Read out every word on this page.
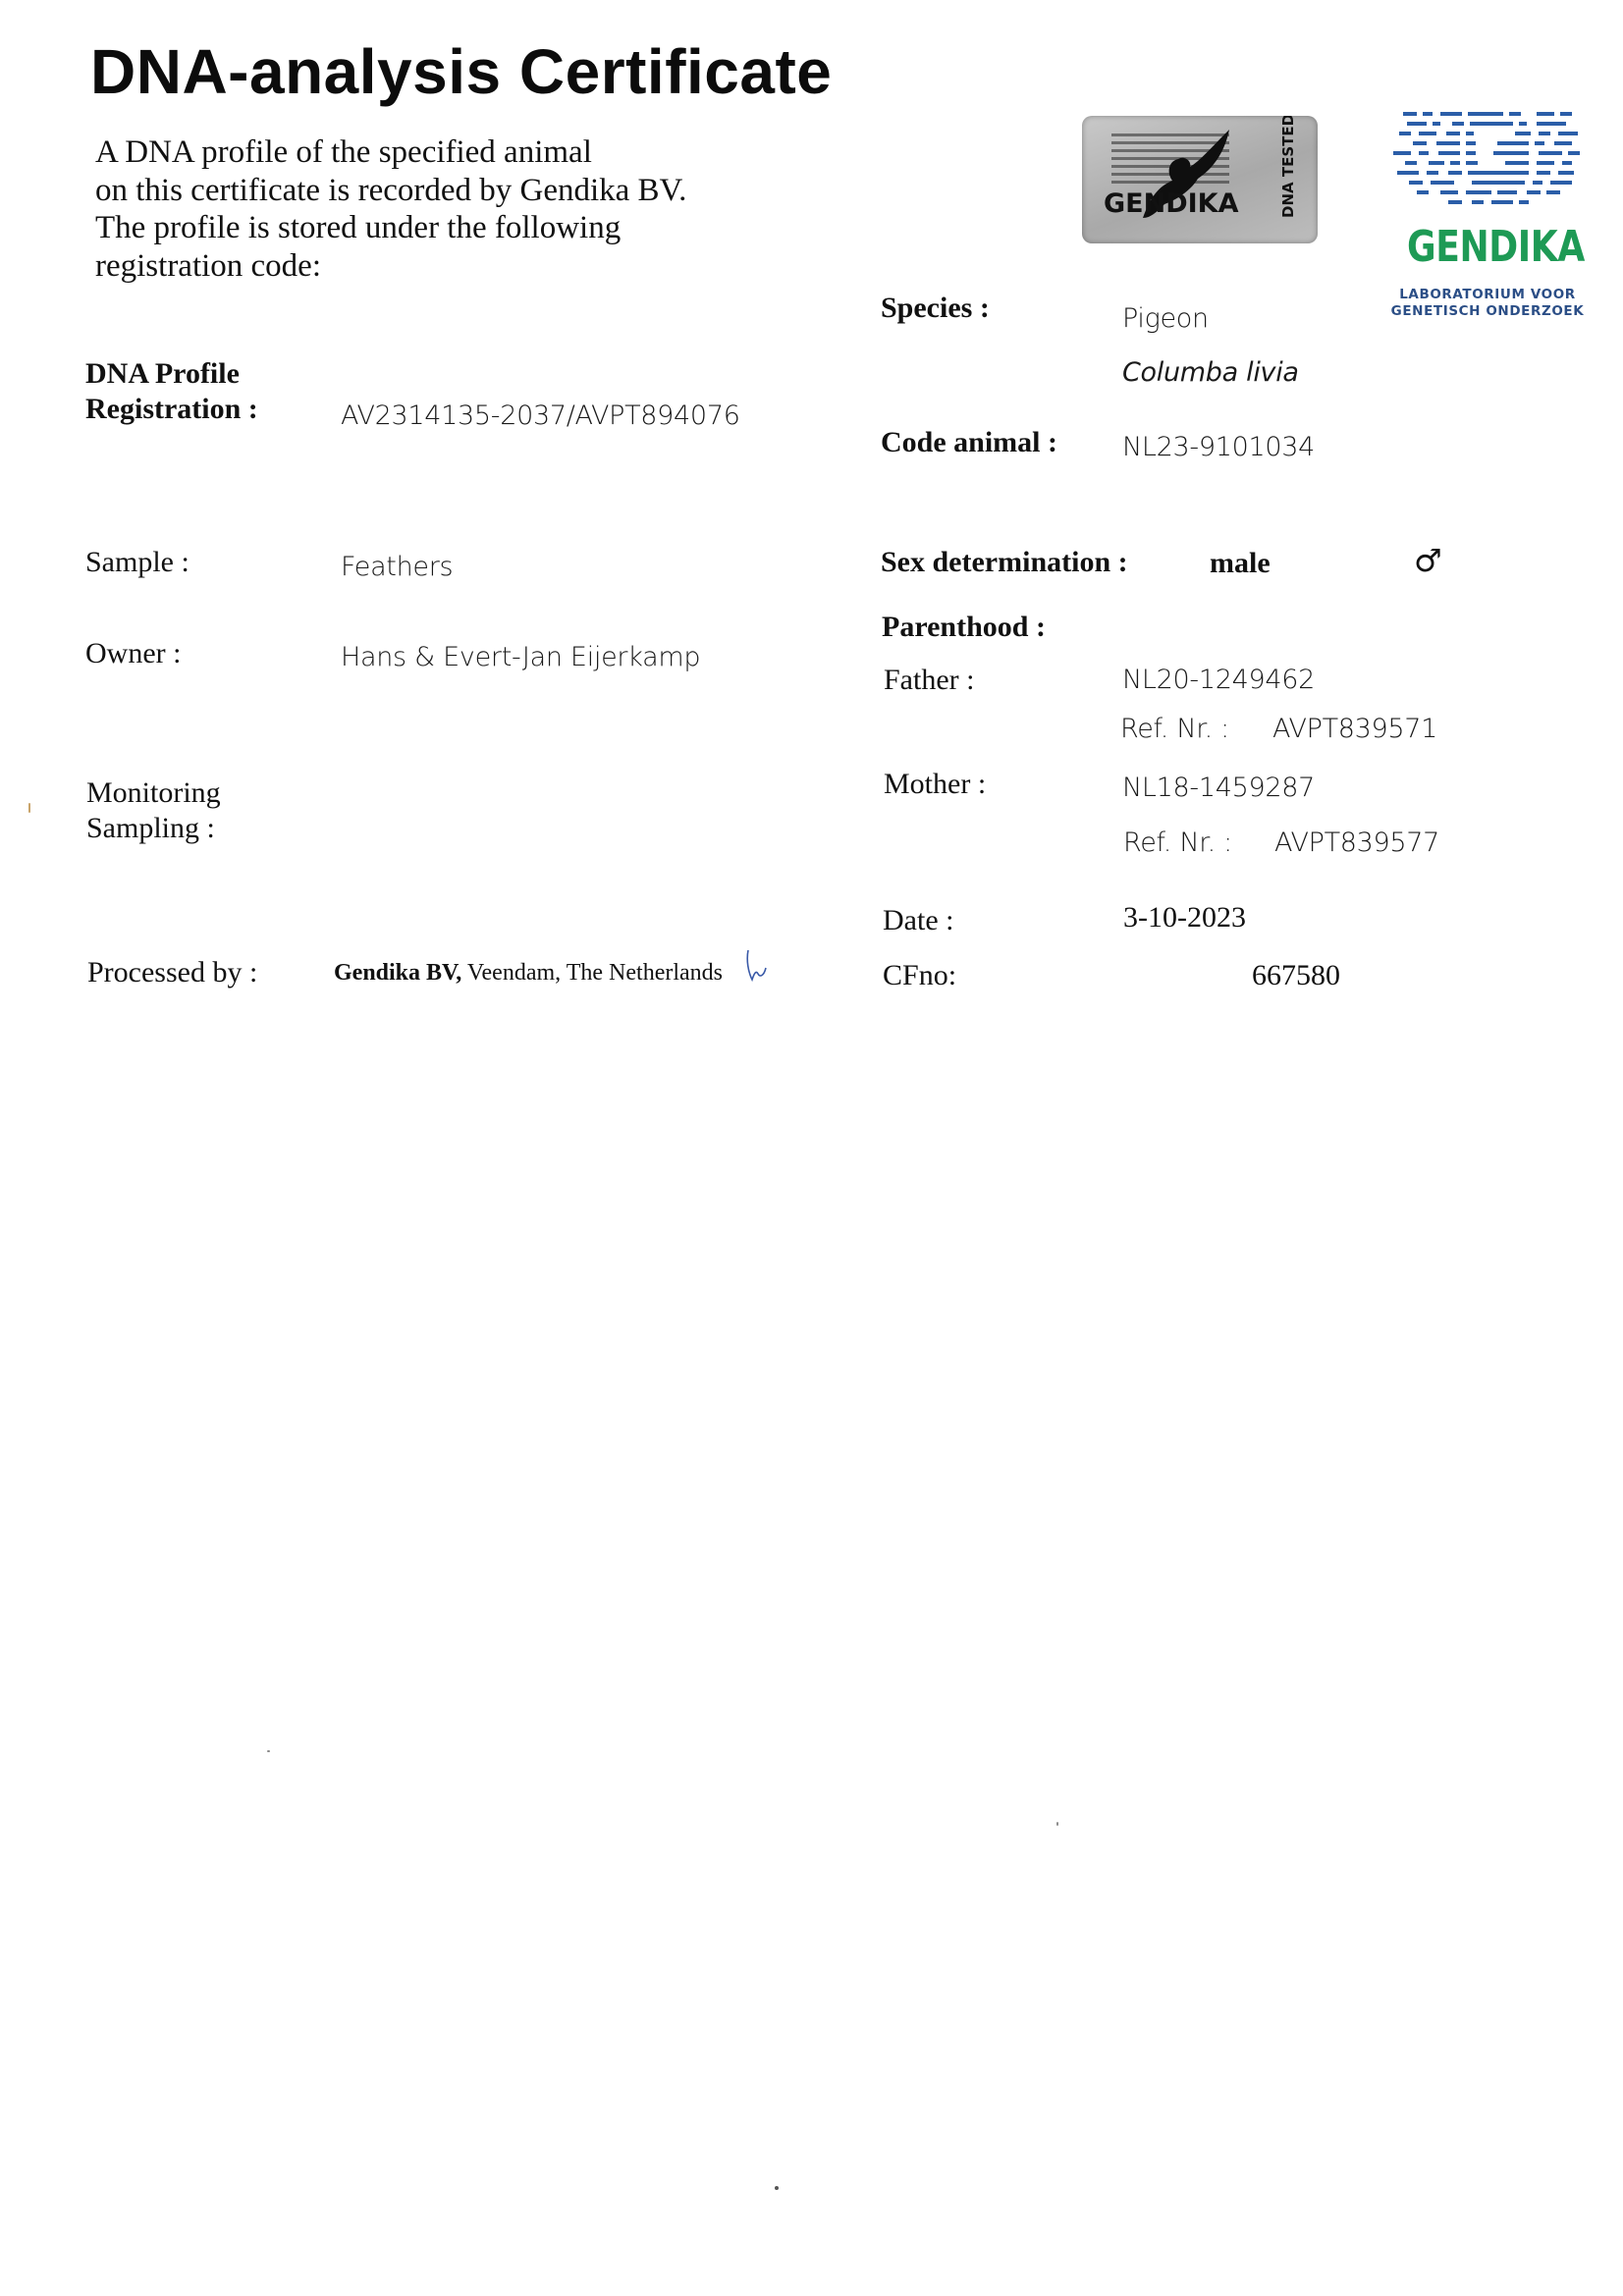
DNA-analysis Certificate
A DNA profile of the specified animal
on this certificate is recorded by Gendika BV.
The profile is stored under the following
registration code:
GENDIKA	DNA TESTED
GENDIKA
LABORATORIUM VOOR
GENETISCH ONDERZOEK
DNA Profile
Registration :	AV2314135-2037/AVPT894076
Sample :	Feathers
Owner :	Hans & Evert-Jan Eijerkamp
Monitoring
Sampling :
Processed by :	Gendika BV, Veendam, The Netherlands
Species :	Pigeon
Columba livia
Code animal : NL23-9101034
Sex determination :	male	♂
Parenthood :
Father :	NL20-1249462
Ref. Nr. : AVPT839571
Mother :	NL18-1459287
Ref. Nr. : AVPT839577
Date :	3-10-2023
CFno:	667580
